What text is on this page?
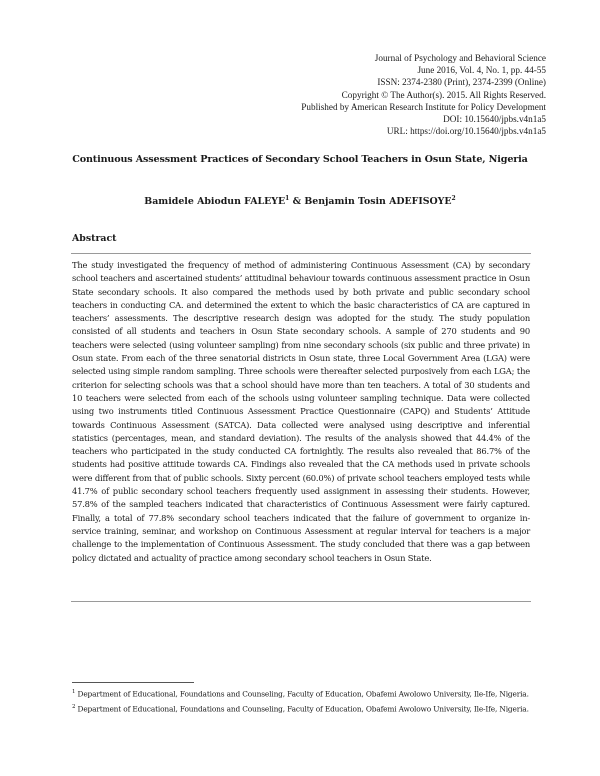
Journal of Psychology and Behavioral Science
June 2016, Vol. 4, No. 1, pp. 44-55
ISSN: 2374-2380 (Print), 2374-2399 (Online)
Copyright © The Author(s). 2015. All Rights Reserved.
Published by American Research Institute for Policy Development
DOI: 10.15640/jpbs.v4n1a5
URL: https://doi.org/10.15640/jpbs.v4n1a5
Continuous Assessment Practices of Secondary School Teachers in Osun State, Nigeria
Bamidele Abiodun FALEYE$^1$ & Benjamin Tosin ADEFISOYE$^2$
Abstract

The study investigated the frequency of method of administering Continuous Assessment (CA) by secondary school teachers and ascertained students’ attitudinal behaviour towards continuous assessment practice in Osun State secondary schools. It also compared the methods used by both private and public secondary school teachers in conducting CA. and determined the extent to which the basic characteristics of CA are captured in teachers’ assessments. The descriptive research design was adopted for the study. The study population consisted of all students and teachers in Osun State secondary schools. A sample of 270 students and 90 teachers were selected (using volunteer sampling) from nine secondary schools (six public and three private) in Osun state. From each of the three senatorial districts in Osun state, three Local Government Area (LGA) were selected using simple random sampling. Three schools were thereafter selected purposively from each LGA; the criterion for selecting schools was that a school should have more than ten teachers. A total of 30 students and 10 teachers were selected from each of the schools using volunteer sampling technique. Data were collected using two instruments titled Continuous Assessment Practice Questionnaire (CAPQ) and Students’ Attitude towards Continuous Assessment (SATCA). Data collected were analysed using descriptive and inferential statistics (percentages, mean, and standard deviation). The results of the analysis showed that 44.4% of the teachers who participated in the study conducted CA fortnightly. The results also revealed that 86.7% of the students had positive attitude towards CA. Findings also revealed that the CA methods used in private schools were different from that of public schools. Sixty percent (60.0%) of private school teachers employed tests while 41.7% of public secondary school teachers frequently used assignment in assessing their students. However, 57.8% of the sampled teachers indicated that characteristics of Continuous Assessment were fairly captured. Finally, a total of 77.8% secondary school teachers indicated that the failure of government to organize in-service training, seminar, and workshop on Continuous Assessment at regular interval for teachers is a major challenge to the implementation of Continuous Assessment. The study concluded that there was a gap between policy dictated and actuality of practice among secondary school teachers in Osun State.

$^1$ Department of Educational, Foundations and Counseling, Faculty of Education, Obafemi Awolowo University, Ile-Ife, Nigeria.
$^2$ Department of Educational, Foundations and Counseling, Faculty of Education, Obafemi Awolowo University, Ile-Ife, Nigeria.
